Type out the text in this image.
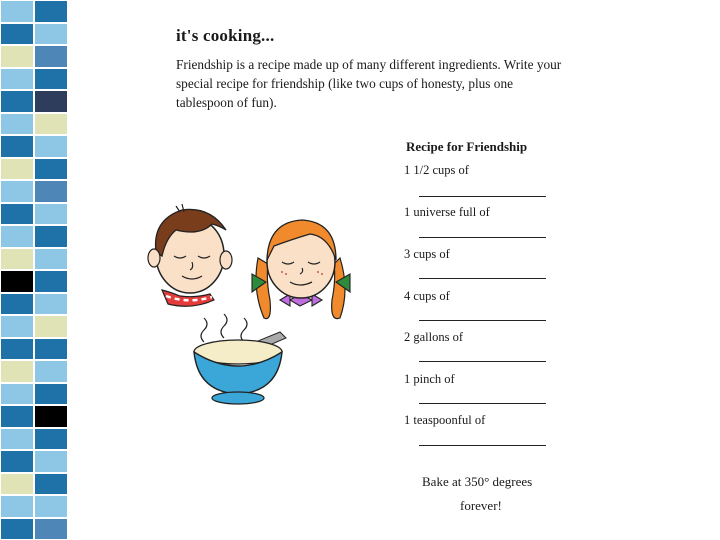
it's cooking...
Friendship is a recipe made up of many different ingredients. Write your special recipe for friendship (like two cups of honesty, plus one tablespoon of fun).
Recipe for Friendship
1 1/2 cups of
1 universe full of
3 cups of
4 cups of
2 gallons of
1 pinch of
1 teaspoonful of
Bake at 350° degrees
forever!
